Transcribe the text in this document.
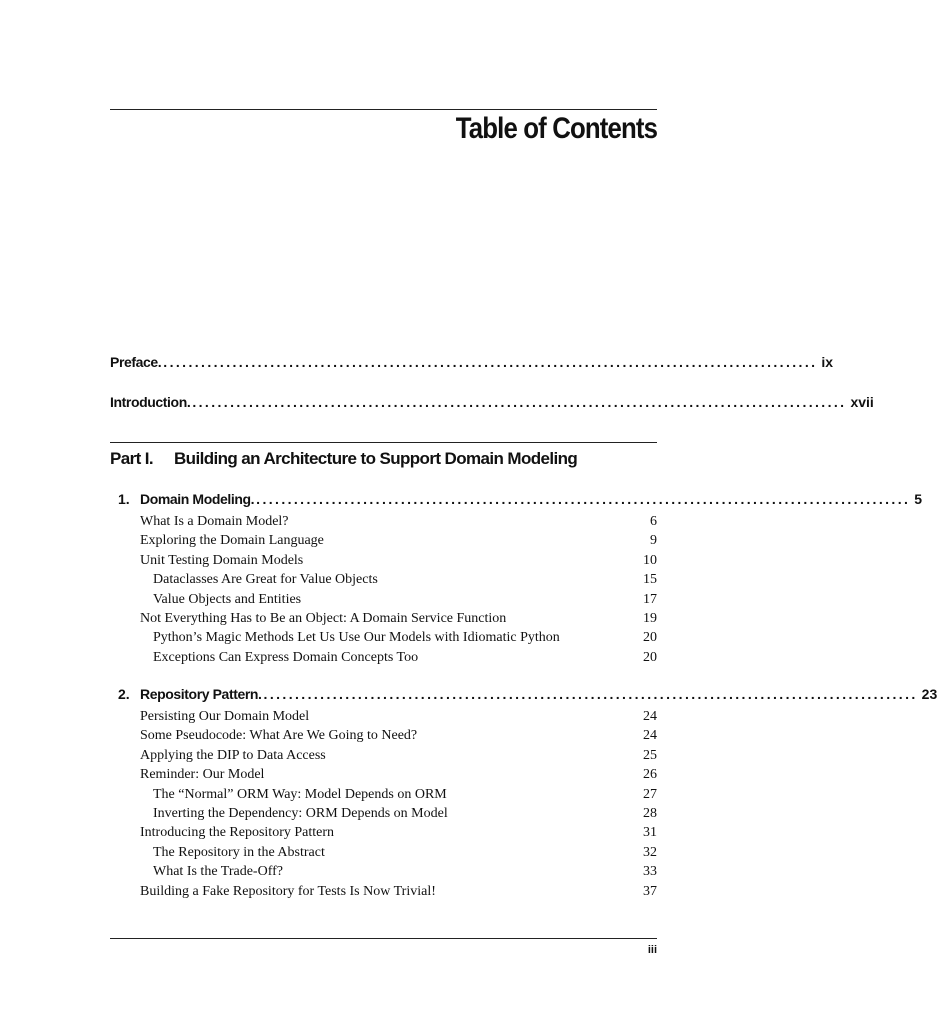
Table of Contents
Preface. ........................................................................................................ ix
Introduction. ........................................................................................................ xvii
Part I. Building an Architecture to Support Domain Modeling
1. Domain Modeling. ........................................................................................................ 5
What Is a Domain Model?	6
Exploring the Domain Language	9
Unit Testing Domain Models	10
Dataclasses Are Great for Value Objects	15
Value Objects and Entities	17
Not Everything Has to Be an Object: A Domain Service Function	19
Python’s Magic Methods Let Us Use Our Models with Idiomatic Python	20
Exceptions Can Express Domain Concepts Too	20
2. Repository Pattern. ........................................................................................................ 23
Persisting Our Domain Model	24
Some Pseudocode: What Are We Going to Need?	24
Applying the DIP to Data Access	25
Reminder: Our Model	26
The “Normal” ORM Way: Model Depends on ORM	27
Inverting the Dependency: ORM Depends on Model	28
Introducing the Repository Pattern	31
The Repository in the Abstract	32
What Is the Trade-Off?	33
Building a Fake Repository for Tests Is Now Trivial!	37
iii
